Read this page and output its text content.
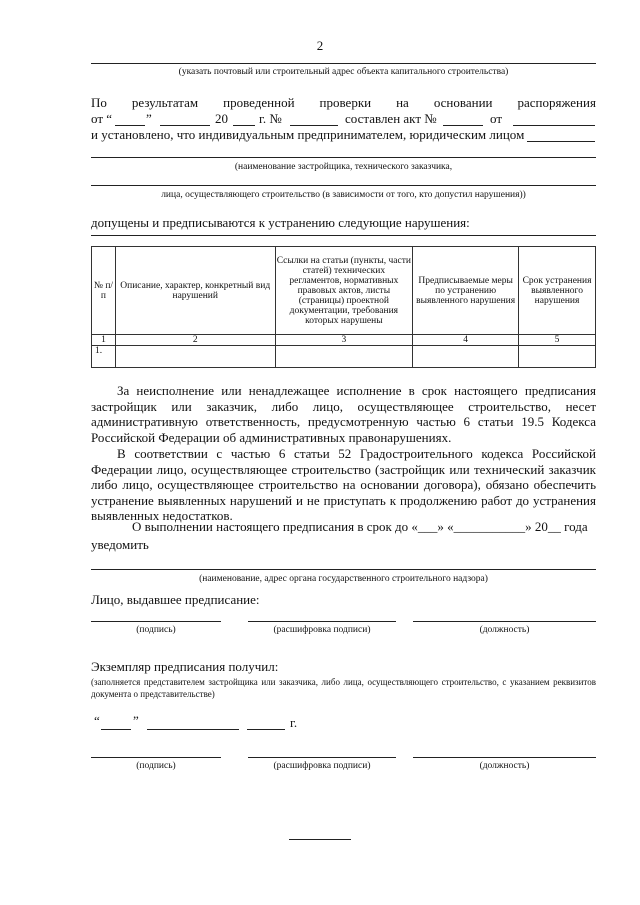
2
(указать почтовый или строительный адрес объекта капитального строительства)
По результатам проведенной проверки на основании распоряжения
от “	”	20 г. №	составлен акт №	от
и установлено, что индивидуальным предпринимателем, юридическим лицом
(наименование застройщика, технического заказчика,
лица, осуществляющего строительство (в зависимости от того, кто допустил нарушения))
допущены и предписываются к устранению следующие нарушения:
№ п/п	Описание, характер, конкретный вид нарушений	Ссылки на статьи (пункты, части статей) технических регламентов, нормативных правовых актов, листы (страницы) проектной документации, требования которых нарушены	Предписываемые меры по устранению выявленного нарушения	Срок устранения выявленного нарушения
1	2	3	4	5
1.				
За неисполнение или ненадлежащее исполнение в срок настоящего предписания застройщик или заказчик, либо лицо, осуществляющее строительство, несет административную ответственность, предусмотренную частью 6 статьи 19.5 Кодекса Российской Федерации об административных правонарушениях.
В соответствии с частью 6 статьи 52 Градостроительного кодекса Российской Федерации лицо, осуществляющее строительство (застройщик или технический заказчик либо лицо, осуществляющее строительство на основании договора), обязано обеспечить устранение выявленных нарушений и не приступать к продолжению работ до устранения выявленных недостатков.
О выполнении настоящего предписания в срок до «___» «___________» 20__ года
уведомить
(наименование, адрес органа государственного строительного надзора)
Лицо, выдавшее предписание:
(подпись)	(расшифровка подписи)	(должность)
Экземпляр предписания получил:
(заполняется представителем застройщика или заказчика, либо лица, осуществляющего строительство, с указанием реквизитов документа о представительстве)
“	”	г.
(подпись)	(расшифровка подписи)	(должность)
